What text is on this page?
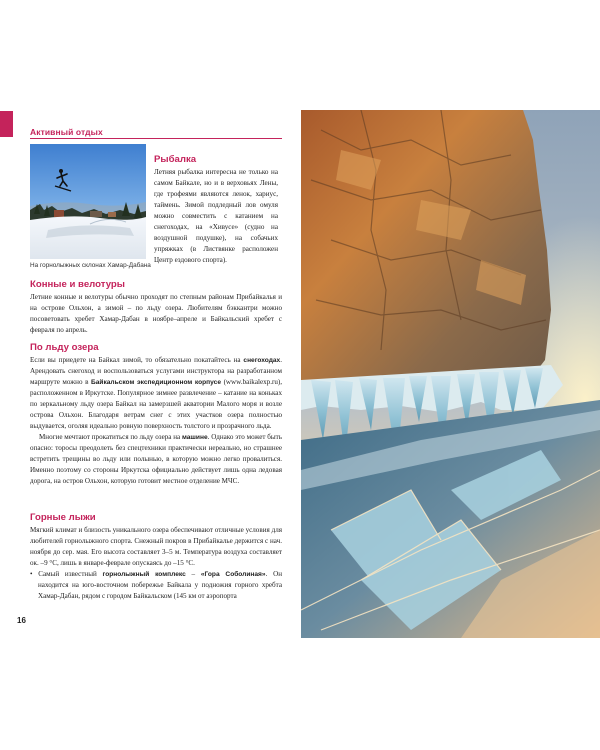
Активный отдых
На горнолыжных склонах Хамар-Дабана
Рыбалка
Летняя рыбалка интересна не только на самом Байкале, но и в верховьях Лены, где трофеями являются ленок, хариус, таймень. Зимой подледный лов омуля можно совместить с катанием на снегоходах, на «Хивусе» (судно на воздушной подушке), на собачьих упряжках (в Листвянке расположен Центр ездового спорта).
Конные и велотуры
Летние конные и велотуры обычно проходят по степным районам Прибайкалья и на острове Ольхон, а зимой – по льду озера. Любителям бэккантри можно посоветовать хребет Хамар-Дабан в ноябре–апреле и Байкальский хребет с февраля по апрель.
По льду озера
Если вы приедете на Байкал зимой, то обязательно покатайтесь на снегоходах. Арендовать снегоход и воспользоваться услугами инструктора на разработанном маршруте можно в Байкальском экспедиционном корпусе (www.baikalexp.ru), расположенном в Иркутске. Популярное зимнее развлечение – катание на коньках по зеркальному льду озера Байкал на замерзшей акватории Малого моря и возле острова Ольхон. Благодаря ветрам снег с этих участков озера полностью выдувается, оголяя идеально ровную поверхность толстого и прозрачного льда.
Многие мечтают прокатиться по льду озера на машине. Однако это может быть опасно: торосы преодолеть без спецтехники практически нереально, но страшнее встретить трещины во льду или полынью, в которую можно легко провалиться. Именно поэтому со стороны Иркутска официально действует лишь одна ледовая дорога, на остров Ольхон, которую готовит местное отделение МЧС.
Горные лыжи
Мягкий климат и близость уникального озера обеспечивают отличные условия для любителей горнолыжного спорта. Снежный покров в Прибайкалье держится с нач. ноября до сер. мая. Его высота составляет 3–5 м. Температура воздуха составляет ок. –9 °С, лишь в январе-феврале опускаясь до –15 °С.
• Самый известный горнолыжный комплекс – «Гора Соболиная». Он находится на юго-восточном побережье Байкала у подножия горного хребта Хамар-Дабан, рядом с городом Байкальском (145 км от аэропорта
16
